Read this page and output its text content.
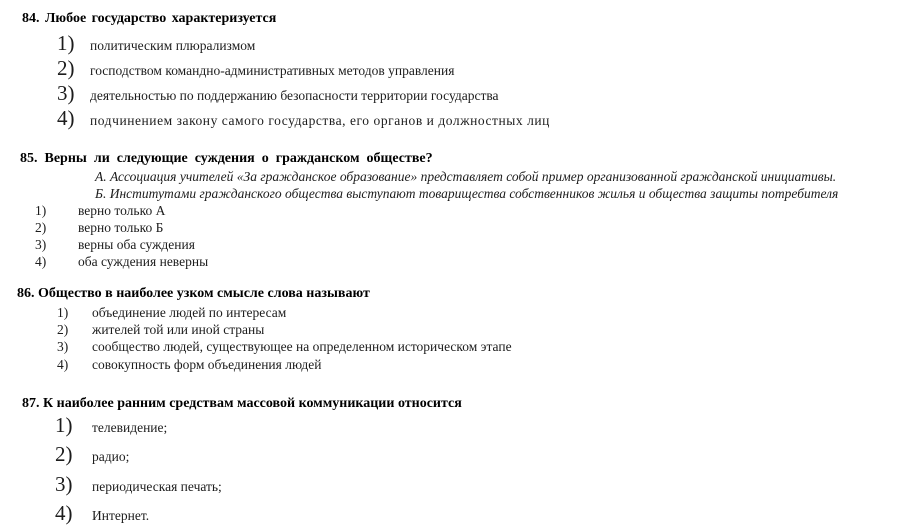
84. Любое государство характеризуется
1)	политическим плюрализмом
2)	господством командно-административных методов управления
3)	деятельностью по поддержанию безопасности территории государства
4)	подчинением закону самого государства, его органов и должностных лиц
85. Верны ли следующие суждения о гражданском обществе?
А. Ассоциация учителей «За гражданское образование» представляет собой пример организованной гражданской инициативы.
Б. Институтами гражданского общества выступают товарищества собственников жилья и общества защиты потребителя
1)	верно только А
2)	верно только Б
3)	верны оба суждения
4)	оба суждения неверны
86. Общество в наиболее узком смысле слова называют
1)	объединение людей по интересам
2)	жителей той или иной страны
3)	сообщество людей, существующее на определенном историческом этапе
4)	совокупность форм объединения людей
87. К наиболее ранним средствам массовой коммуникации относится
1)	телевидение;
2)	радио;
3)	периодическая печать;
4)	Интернет.
